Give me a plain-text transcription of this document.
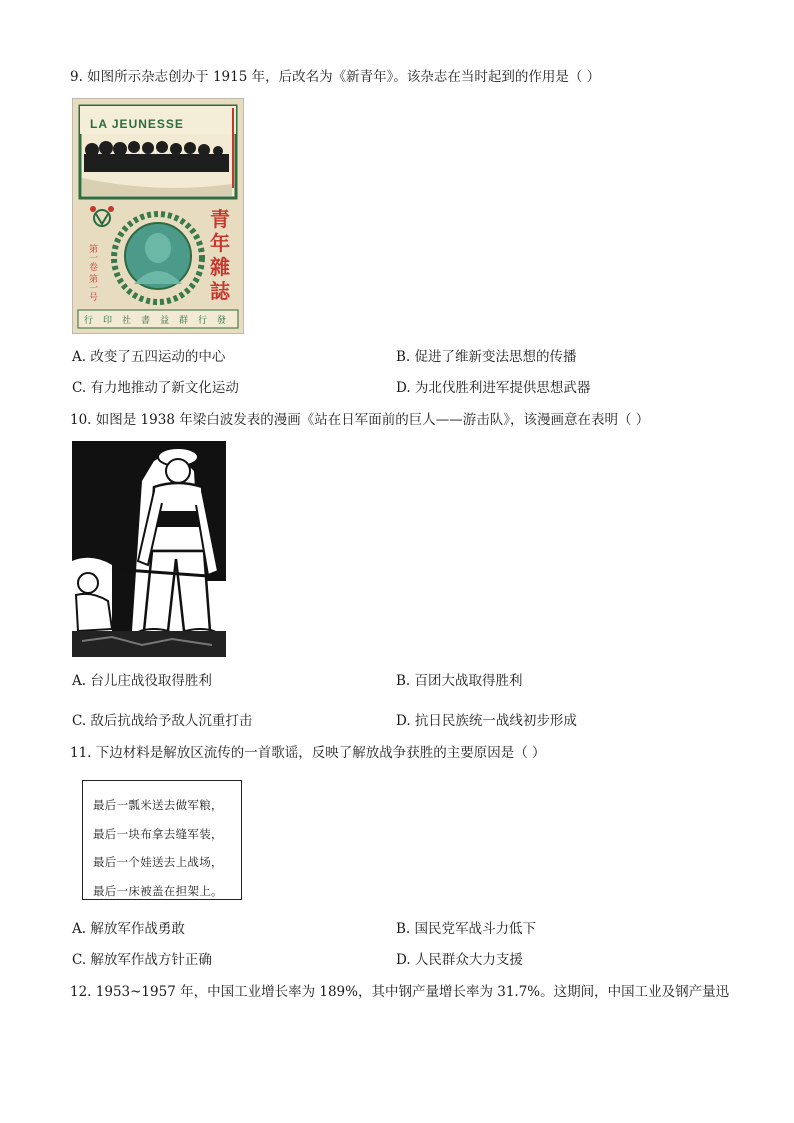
9. 如图所示杂志创办于 1915 年，后改名为《新青年》。该杂志在当时起到的作用是（ ）
LA JEUNESSE
青
年
雜
誌
第一卷 第一号
行 印 社 書 益 群 行 發
A. 改变了五四运动的中心	B. 促进了维新变法思想的传播
C. 有力地推动了新文化运动	D. 为北伐胜利进军提供思想武器
10. 如图是 1938 年梁白波发表的漫画《站在日军面前的巨人——游击队》，该漫画意在表明（ ）
A. 台儿庄战役取得胜利	B. 百团大战取得胜利
C. 敌后抗战给予敌人沉重打击	D. 抗日民族统一战线初步形成
11. 下边材料是解放区流传的一首歌谣，反映了解放战争获胜的主要原因是（ ）
最后一瓢米送去做军粮，
最后一块布拿去缝军装，
最后一个娃送去上战场，
最后一床被盖在担架上。
A. 解放军作战勇敢	B. 国民党军战斗力低下
C. 解放军作战方针正确	D. 人民群众大力支援
12. 1953~1957 年，中国工业增长率为 189%，其中钢产量增长率为 31.7%。这期间，中国工业及钢产量迅
